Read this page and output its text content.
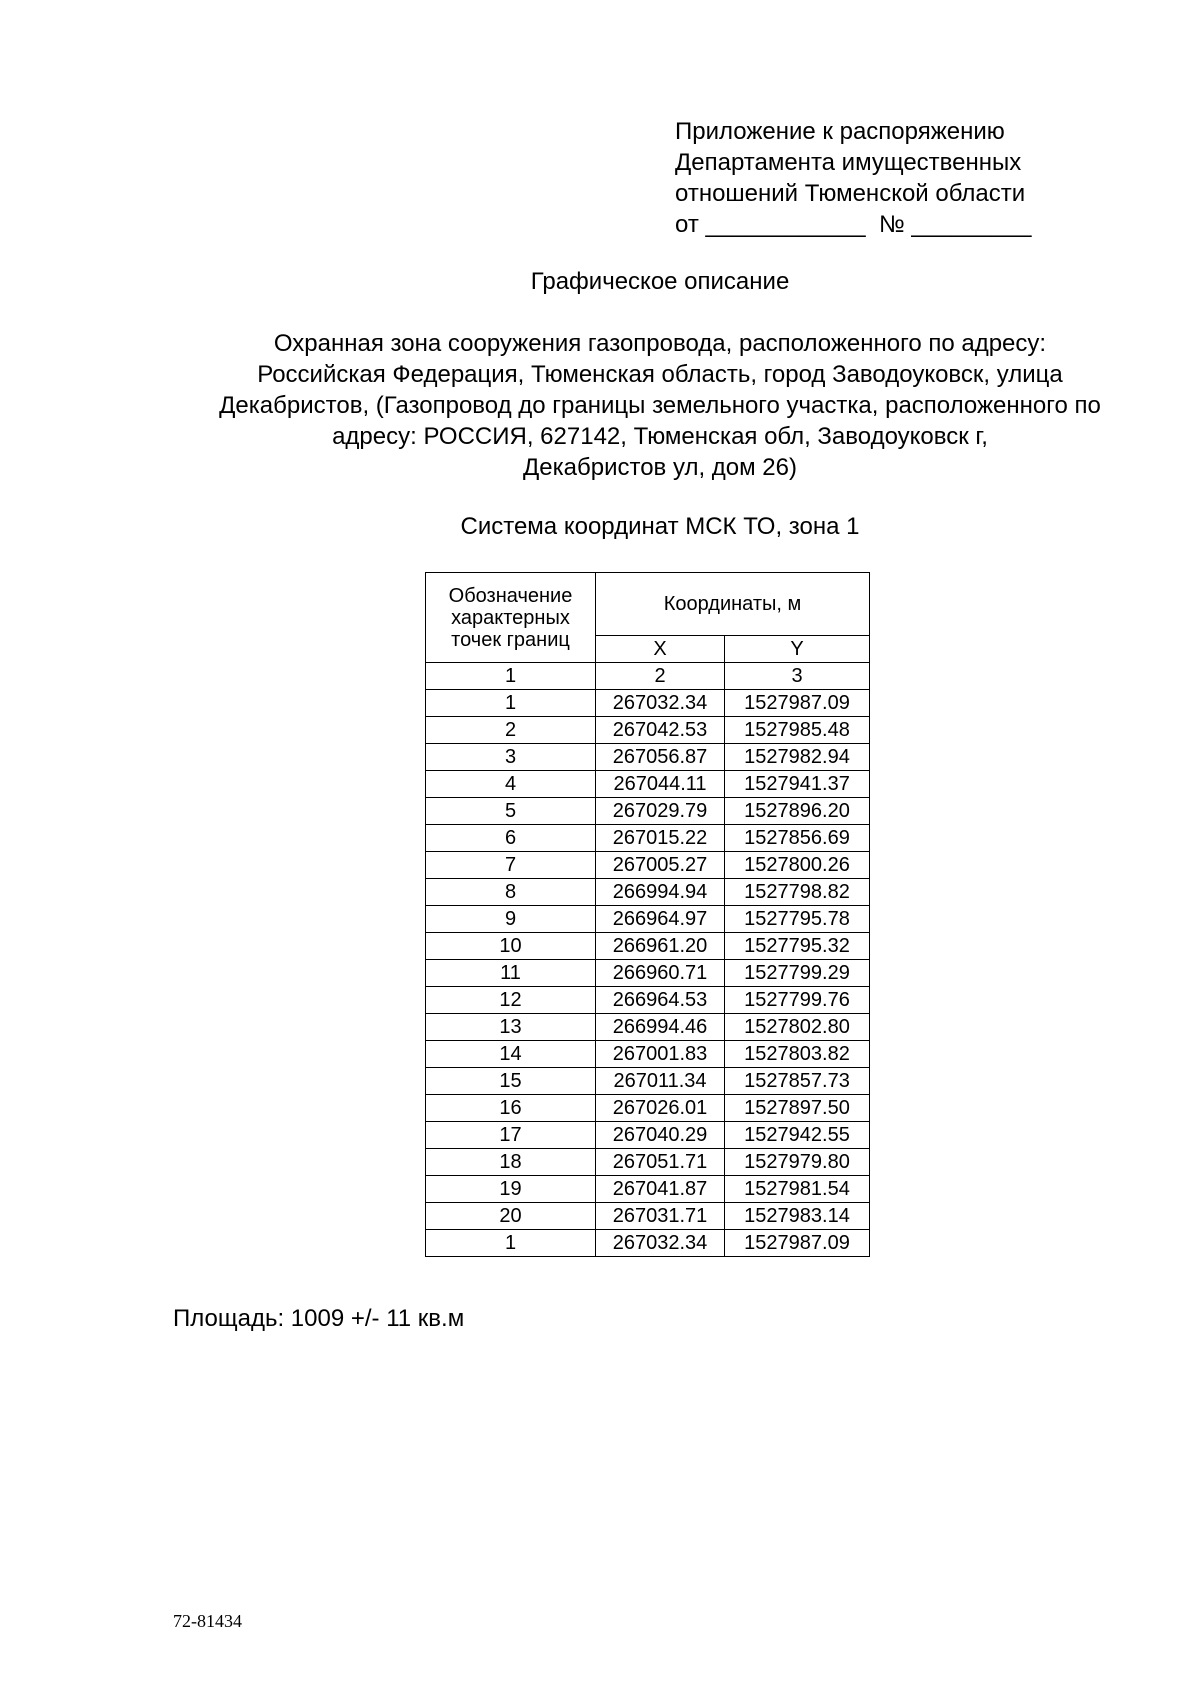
Приложение к распоряжению
Департамента имущественных
отношений Тюменской области
от ____________  № _________
Графическое описание
Охранная зона сооружения газопровода, расположенного по адресу:
Российская Федерация, Тюменская область, город Заводоуковск, улица
Декабристов, (Газопровод до границы земельного участка, расположенного по
адресу: РОССИЯ, 627142, Тюменская обл, Заводоуковск г,
Декабристов ул, дом 26)
Система координат МСК ТО, зона 1
Обозначение характерных точек границ	Координаты, м	
	X	Y
1	2	3
1	267032.34	1527987.09
2	267042.53	1527985.48
3	267056.87	1527982.94
4	267044.11	1527941.37
5	267029.79	1527896.20
6	267015.22	1527856.69
7	267005.27	1527800.26
8	266994.94	1527798.82
9	266964.97	1527795.78
10	266961.20	1527795.32
11	266960.71	1527799.29
12	266964.53	1527799.76
13	266994.46	1527802.80
14	267001.83	1527803.82
15	267011.34	1527857.73
16	267026.01	1527897.50
17	267040.29	1527942.55
18	267051.71	1527979.80
19	267041.87	1527981.54
20	267031.71	1527983.14
1	267032.34	1527987.09
Площадь: 1009 +/- 11 кв.м
72-81434
